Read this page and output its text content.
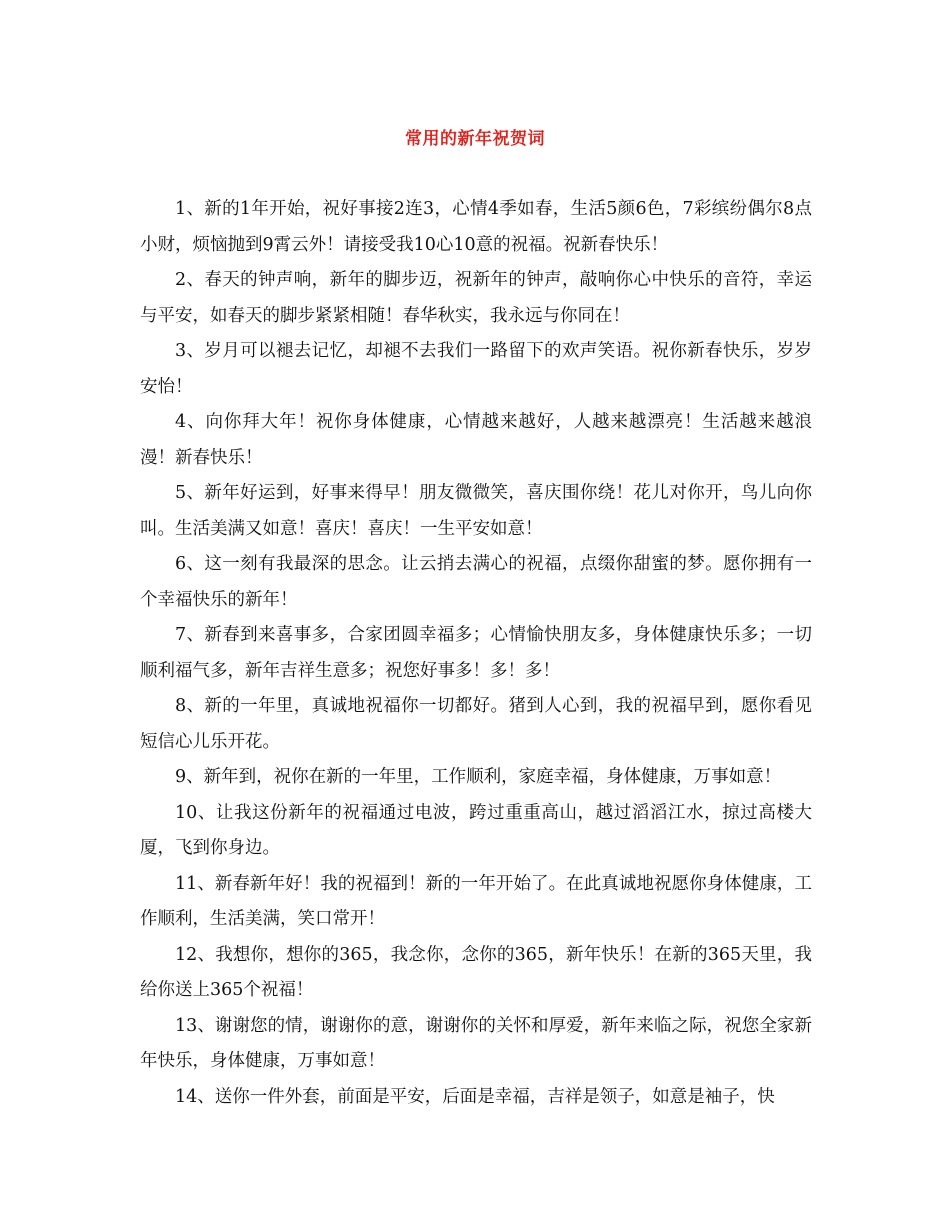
常用的新年祝贺词

1、新的1年开始，祝好事接2连3，心情4季如春，生活5颜6色，7彩缤纷偶尔8点小财，烦恼抛到9霄云外！请接受我10心10意的祝福。祝新春快乐！

2、春天的钟声响，新年的脚步迈，祝新年的钟声，敲响你心中快乐的音符，幸运与平安，如春天的脚步紧紧相随！春华秋实，我永远与你同在！

3、岁月可以褪去记忆，却褪不去我们一路留下的欢声笑语。祝你新春快乐，岁岁安怡！

4、向你拜大年！祝你身体健康，心情越来越好，人越来越漂亮！生活越来越浪漫！新春快乐！

5、新年好运到，好事来得早！朋友微微笑，喜庆围你绕！花儿对你开，鸟儿向你叫。生活美满又如意！喜庆！喜庆！一生平安如意！

6、这一刻有我最深的思念。让云捎去满心的祝福，点缀你甜蜜的梦。愿你拥有一个幸福快乐的新年！

7、新春到来喜事多，合家团圆幸福多；心情愉快朋友多，身体健康快乐多；一切顺利福气多，新年吉祥生意多；祝您好事多！多！多！

8、新的一年里，真诚地祝福你一切都好。猪到人心到，我的祝福早到，愿你看见短信心儿乐开花。

9、新年到，祝你在新的一年里，工作顺利，家庭幸福，身体健康，万事如意！

10、让我这份新年的祝福通过电波，跨过重重高山，越过滔滔江水，掠过高楼大厦，飞到你身边。

11、新春新年好！我的祝福到！新的一年开始了。在此真诚地祝愿你身体健康，工作顺利，生活美满，笑口常开！

12、我想你，想你的365，我念你，念你的365，新年快乐！在新的365天里，我给你送上365个祝福！

13、谢谢您的情，谢谢你的意，谢谢你的关怀和厚爱，新年来临之际，祝您全家新年快乐，身体健康，万事如意！

14、送你一件外套，前面是平安，后面是幸福，吉祥是领子，如意是袖子，快
